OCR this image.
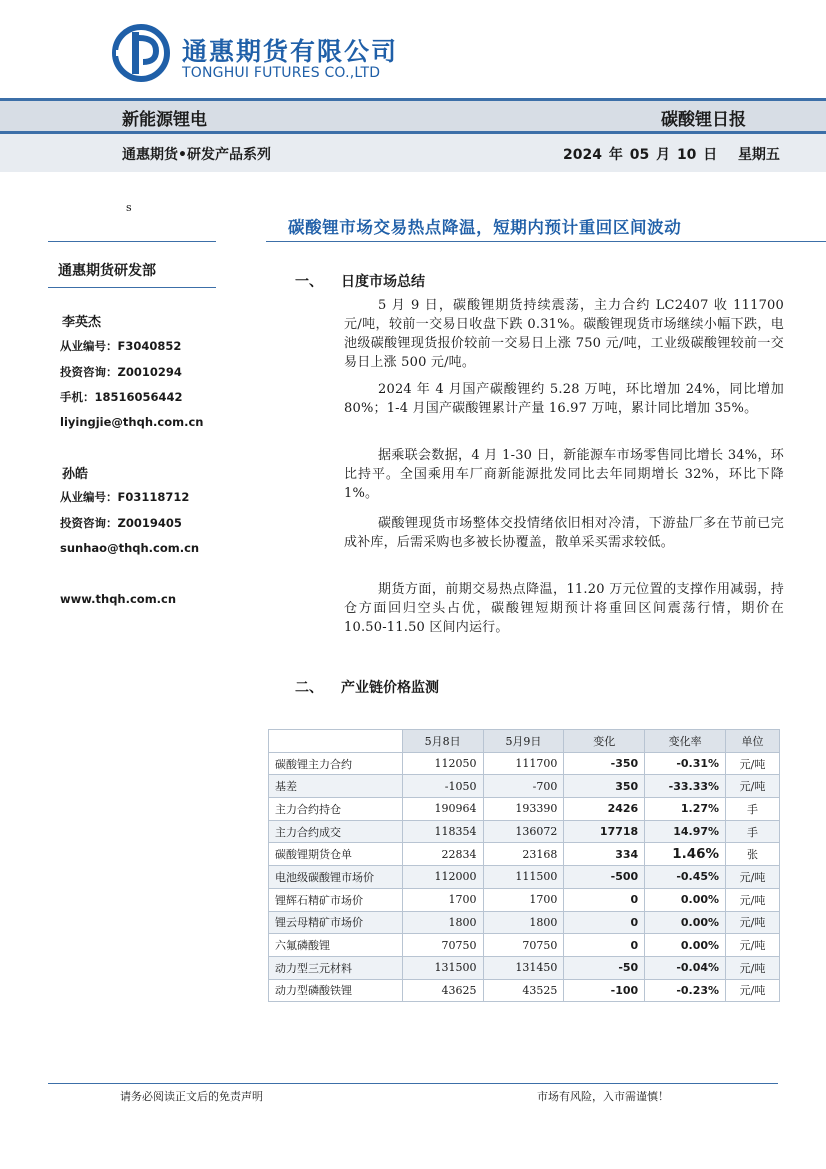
通惠期货有限公司
TONGHUI FUTURES CO.,LTD
新能源锂电	碳酸锂日报
通惠期货•研发产品系列	2024 年 05 月 10 日 星期五
s
碳酸锂市场交易热点降温，短期内预计重回区间波动
通惠期货研发部
李英杰
从业编号：F3040852
投资咨询：Z0010294
手机：18516056442
liyingjie@thqh.com.cn
孙皓
从业编号：F03118712
投资咨询：Z0019405
sunhao@thqh.com.cn
www.thqh.com.cn
一、 日度市场总结

5 月 9 日，碳酸锂期货持续震荡，主力合约 LC2407 收 111700 元/吨，较前一交易日收盘下跌 0.31%。碳酸锂现货市场继续小幅下跌，电池级碳酸锂现货报价较前一交易日上涨 750 元/吨，工业级碳酸锂较前一交易日上涨 500 元/吨。

2024 年 4 月国产碳酸锂约 5.28 万吨，环比增加 24%，同比增加 80%；1-4 月国产碳酸锂累计产量 16.97 万吨，累计同比增加 35%。

据乘联会数据，4 月 1-30 日，新能源车市场零售同比增长 34%，环比持平。全国乘用车厂商新能源批发同比去年同期增长 32%，环比下降 1%。

碳酸锂现货市场整体交投情绪依旧相对冷清，下游盐厂多在节前已完成补库，后需采购也多被长协覆盖，散单采买需求较低。

期货方面，前期交易热点降温，11.20 万元位置的支撑作用减弱，持仓方面回归空头占优，碳酸锂短期预计将重回区间震荡行情，期价在 10.50-11.50 区间内运行。

二、 产业链价格监测
	5月8日	5月9日	变化	变化率	单位
碳酸锂主力合约	112050	111700	-350	-0.31%	元/吨
基差	-1050	-700	350	-33.33%	元/吨
主力合约持仓	190964	193390	2426	1.27%	手
主力合约成交	118354	136072	17718	14.97%	手
碳酸锂期货仓单	22834	23168	334	1.46%	张
电池级碳酸锂市场价	112000	111500	-500	-0.45%	元/吨
锂辉石精矿市场价	1700	1700	0	0.00%	元/吨
锂云母精矿市场价	1800	1800	0	0.00%	元/吨
六氟磷酸锂	70750	70750	0	0.00%	元/吨
动力型三元材料	131500	131450	-50	-0.04%	元/吨
动力型磷酸铁锂	43625	43525	-100	-0.23%	元/吨
请务必阅读正文后的免责声明	市场有风险，入市需谨慎！
